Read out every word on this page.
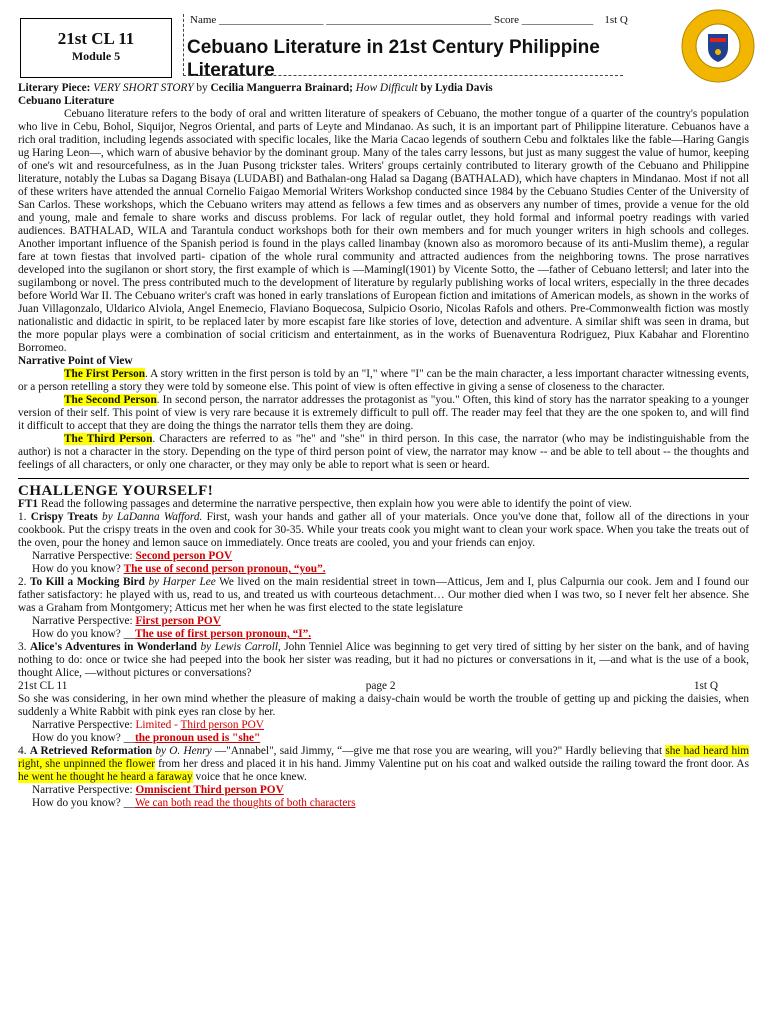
21st CL 11
Module 5
Name ___________________ ______________________________ Score _____________ 1st Q
Cebuano Literature in 21st Century Philippine Literature

Literary Piece: VERY SHORT STORY by Cecilia Manguerra Brainard; How Difficult by Lydia Davis

Cebuano Literature

Cebuano literature refers to the body of oral and written literature of speakers of Cebuano, the mother tongue of a quarter of the country's population who live in Cebu, Bohol, Siquijor, Negros Oriental, and parts of Leyte and Mindanao. As such, it is an important part of Philippine literature. Cebuanos have a rich oral tradition, including legends associated with specific locales, like the Maria Cacao legends of southern Cebu and folktales like the fable—Haring Gangis ug Haring Leon—, which warn of abusive behavior by the dominant group. Many of the tales carry lessons, but just as many suggest the value of humor, keeping of one's wit and resourcefulness, as in the Juan Pusong trickster tales. Writers' groups certainly contributed to literary growth of the Cebuano and Philippine literature, notably the Lubas sa Dagang Bisaya (LUDABI) and Bathalan-ong Halad sa Dagang (BATHALAD), which have chapters in Mindanao. Most if not all of these writers have attended the annual Cornelio Faigao Memorial Writers Workshop conducted since 1984 by the Cebuano Studies Center of the University of San Carlos. These workshops, which the Cebuano writers may attend as fellows a few times and as observers any number of times, provide a venue for the old and young, male and female to share works and discuss problems. For lack of regular outlet, they hold formal and informal poetry readings with varied audiences. BATHALAD, WILA and Tarantula conduct workshops both for their own members and for much younger writers in high schools and colleges. Another important influence of the Spanish period is found in the plays called linambay (known also as moromoro because of its anti-Muslim theme), a regular fare at town fiestas that involved parti- cipation of the whole rural community and attracted audiences from the neighboring towns. The prose narratives developed into the sugilanon or short story, the first example of which is —Maming‖(1901) by Vicente Sotto, the —father of Cebuano letters‖; and later into the sugilambong or novel. The press contributed much to the development of literature by regularly publishing works of local writers, especially in the three decades before World War II. The Cebuano writer's craft was honed in early translations of European fiction and imitations of American models, as shown in the works of Juan Villagonzalo, Uldarico Alviola, Angel Enemecio, Flaviano Boquecosa, Sulpicio Osorio, Nicolas Rafols and others. Pre-Commonwealth fiction was mostly nationalistic and didactic in spirit, to be replaced later by more escapist fare like stories of love, detection and adventure. A similar shift was seen in drama, but the more popular plays were a combination of social criticism and entertainment, as in the works of Buenaventura Rodriguez, Piux Kabahar and Florentino Borromeo.

Narrative Point of View

The First Person. A story written in the first person is told by an "I," where "I" can be the main character, a less important character witnessing events, or a person retelling a story they were told by someone else. This point of view is often effective in giving a sense of closeness to the character.

The Second Person. In second person, the narrator addresses the protagonist as "you." Often, this kind of story has the narrator speaking to a younger version of their self. This point of view is very rare because it is extremely difficult to pull off. The reader may feel that they are the one spoken to, and will find it difficult to accept that they are doing the things the narrator tells them they are doing.

The Third Person. Characters are referred to as "he" and "she" in third person. In this case, the narrator (who may be indistinguishable from the author) is not a character in the story. Depending on the type of third person point of view, the narrator may know -- and be able to tell about -- the thoughts and feelings of all characters, or only one character, or they may only be able to report what is seen or heard.

CHALLENGE YOURSELF!

FT1 Read the following passages and determine the narrative perspective, then explain how you were able to identify the point of view.

1. Crispy Treats by LaDanna Wafford. First, wash your hands and gather all of your materials. Once you've done that, follow all of the directions in your cookbook. Put the crispy treats in the oven and cook for 30-35. While your treats cook you might want to clean your work space. When you take the treats out of the oven, pour the honey and lemon sauce on immediately. Once treats are cooled, you and your friends can enjoy.

Narrative Perspective: Second person POV

How do you know? The use of second person pronoun, “you”.

2. To Kill a Mocking Bird by Harper Lee We lived on the main residential street in town—Atticus, Jem and I, plus Calpurnia our cook. Jem and I found our father satisfactory: he played with us, read to us, and treated us with courteous detachment… Our mother died when I was two, so I never felt her absence. She was a Graham from Montgomery; Atticus met her when he was first elected to the state legislature

Narrative Perspective: First person POV

How do you know? __The use of first person pronoun, “I”.

3. Alice's Adventures in Wonderland by Lewis Carroll, John Tenniel Alice was beginning to get very tired of sitting by her sister on the bank, and of having nothing to do: once or twice she had peeped into the book her sister was reading, but it had no pictures or conversations in it, —and what is the use of a book, thought Alice, —without pictures or conversations?

21st CL 11	page 2	1st Q

So she was considering, in her own mind whether the pleasure of making a daisy-chain would be worth the trouble of getting up and picking the daisies, when suddenly a White Rabbit with pink eyes ran close by her.

Narrative Perspective: Limited - Third person POV

How do you know? __the pronoun used is "she"

4. A Retrieved Reformation by O. Henry —"Annabel", said Jimmy, “—give me that rose you are wearing, will you?" Hardly believing that she had heard him right, she unpinned the flower from her dress and placed it in his hand. Jimmy Valentine put on his coat and walked outside the railing toward the front door. As he went he thought he heard a faraway voice that he once knew.

Narrative Perspective: Omniscient Third person POV

How do you know? __We can both read the thoughts of both characters
